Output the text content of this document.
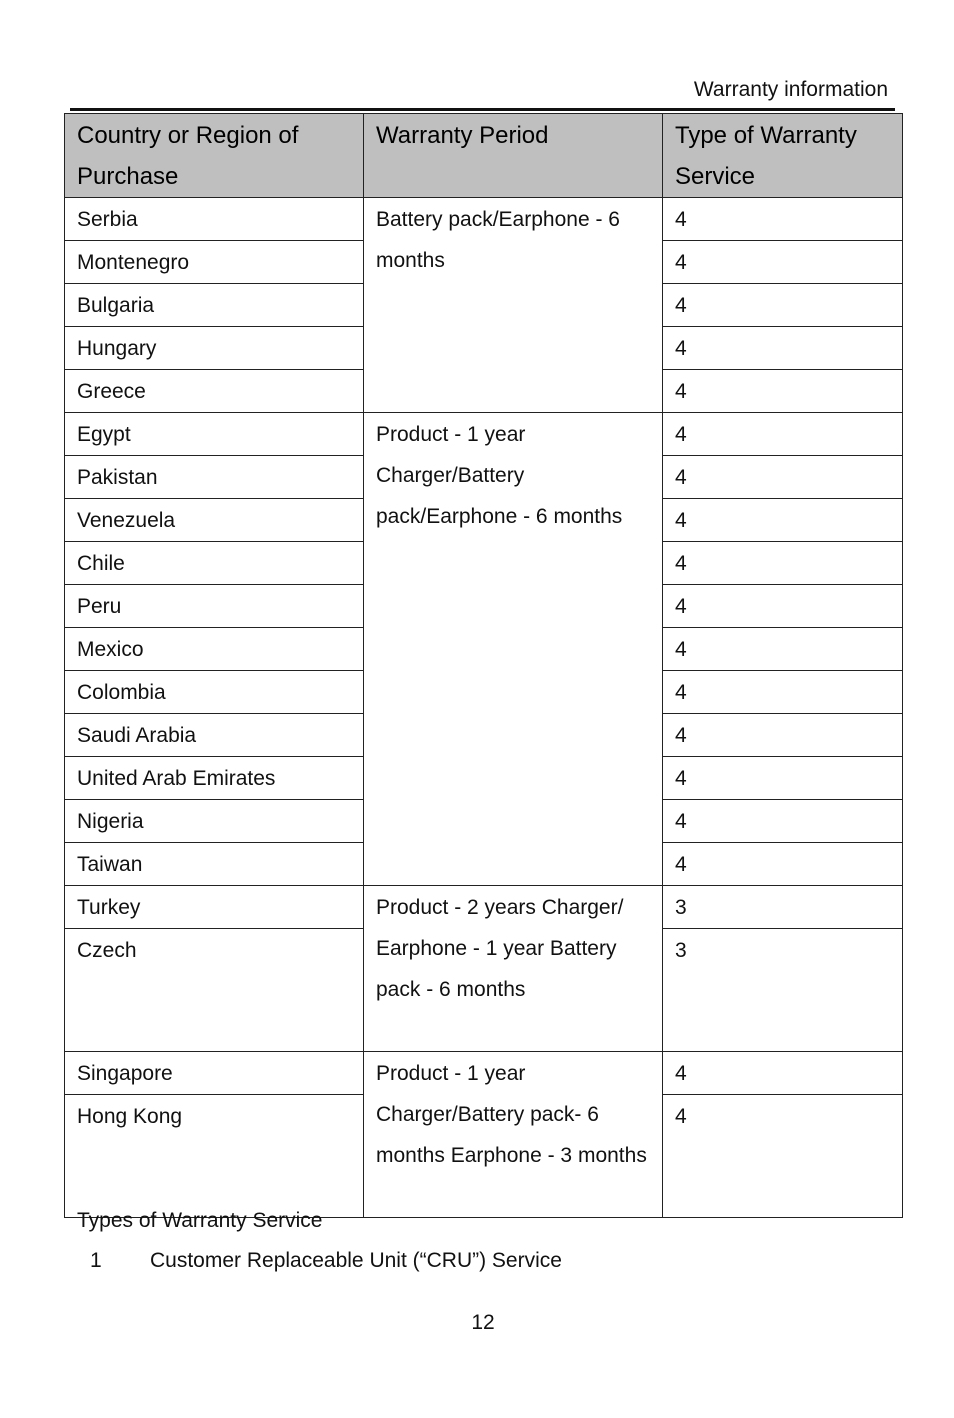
Warranty information
Country or Region of Purchase	Warranty Period	Type of Warranty Service
Serbia	Battery pack/Earphone - 6 months	4
Montenegro		4
Bulgaria		4
Hungary		4
Greece		4
Egypt	Product - 1 year Charger/Battery pack/Earphone - 6 months	4
Pakistan		4
Venezuela		4
Chile		4
Peru		4
Mexico		4
Colombia		4
Saudi Arabia		4
United Arab Emirates		4
Nigeria		4
Taiwan		4
Turkey	Product - 2 years Charger/ Earphone - 1 year Battery pack - 6 months	3
Czech		3
Singapore	Product - 1 year Charger/Battery pack- 6 months Earphone - 3 months	4
Hong Kong		4
Types of Warranty Service
1 Customer Replaceable Unit (“CRU”) Service
12
